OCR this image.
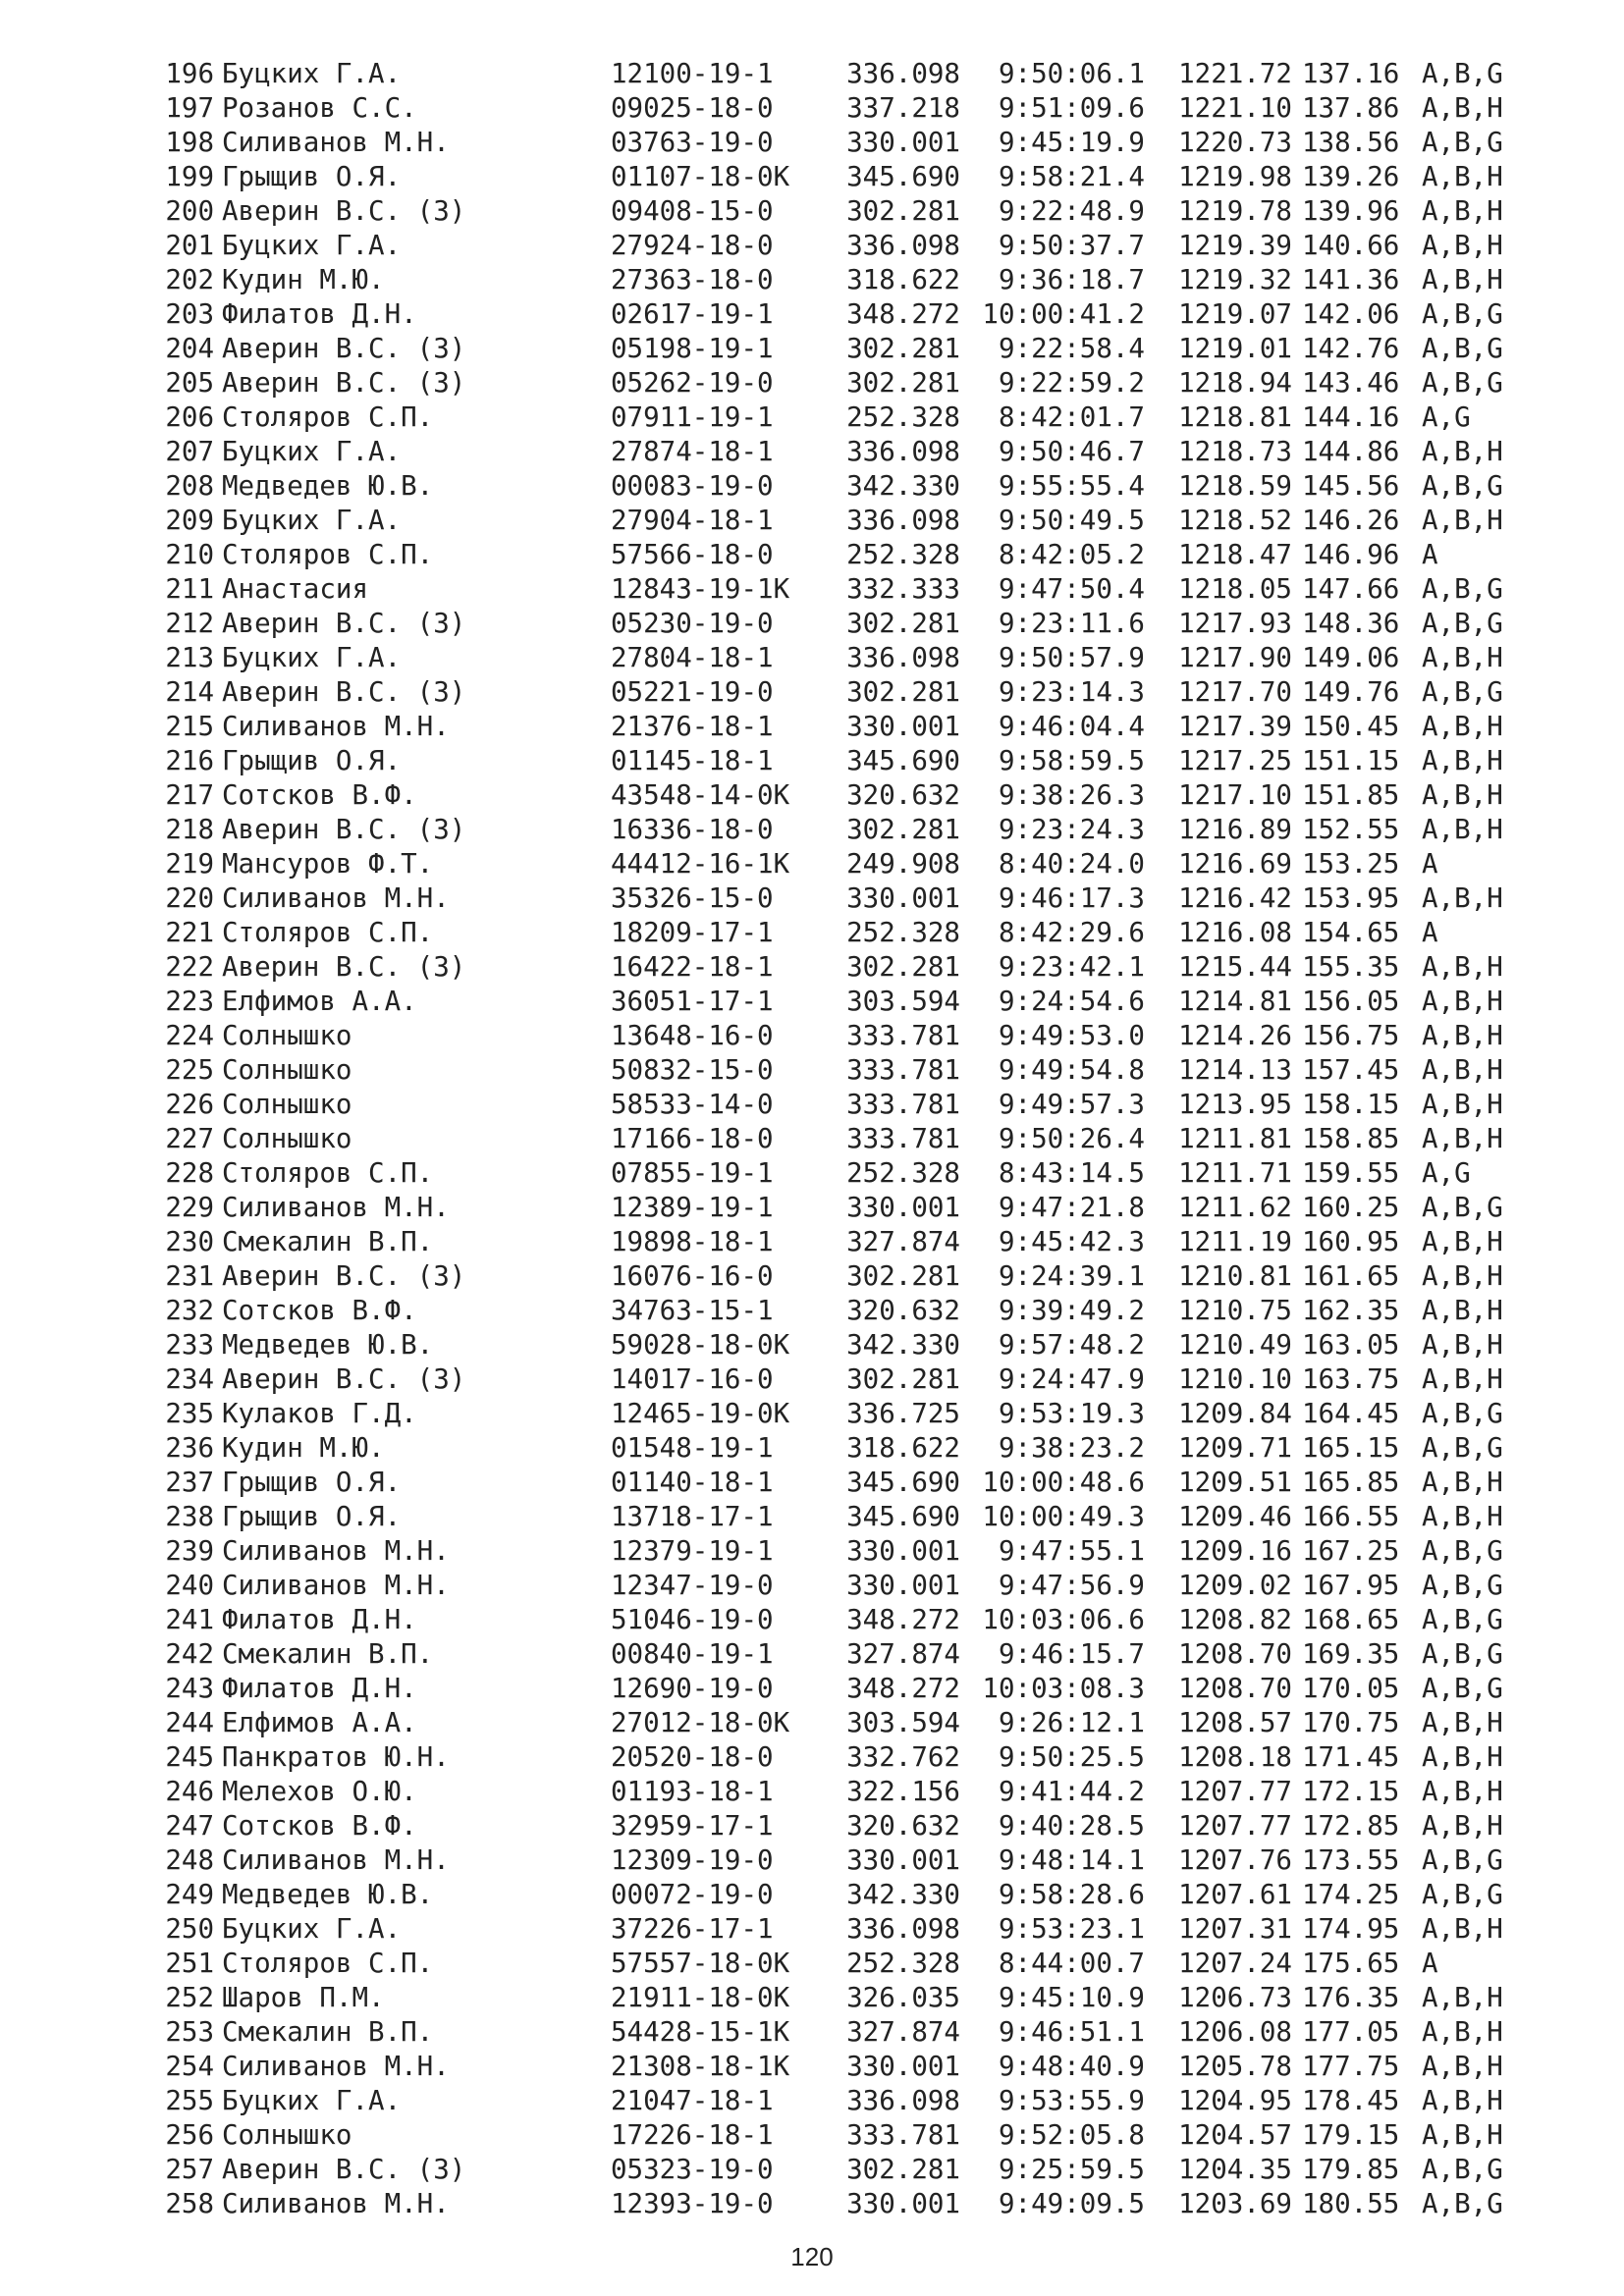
196 Буцких Г.А.	12100-19-1	336.098	9:50:06.1	1221.72 137.16 A,B,G
197 Розанов С.С.	09025-18-0	337.218	9:51:09.6	1221.10 137.86 A,B,H
198 Силиванов М.Н.	03763-19-0	330.001	9:45:19.9	1220.73 138.56 A,B,G
199 Грыщив О.Я.	01107-18-0K	345.690	9:58:21.4	1219.98 139.26 A,B,H
200 Аверин В.С. (З)	09408-15-0	302.281	9:22:48.9	1219.78 139.96 A,B,H
201 Буцких Г.А.	27924-18-0	336.098	9:50:37.7	1219.39 140.66 A,B,H
202 Кудин М.Ю.	27363-18-0	318.622	9:36:18.7	1219.32 141.36 A,B,H
203 Филатов Д.Н.	02617-19-1	348.272 10:00:41.2	1219.07 142.06 A,B,G
204 Аверин В.С. (З)	05198-19-1	302.281	9:22:58.4	1219.01 142.76 A,B,G
205 Аверин В.С. (З)	05262-19-0	302.281	9:22:59.2	1218.94 143.46 A,B,G
206 Столяров С.П.	07911-19-1	252.328	8:42:01.7	1218.81 144.16 A,G
207 Буцких Г.А.	27874-18-1	336.098	9:50:46.7	1218.73 144.86 A,B,H
208 Медведев Ю.В.	00083-19-0	342.330	9:55:55.4	1218.59 145.56 A,B,G
209 Буцких Г.А.	27904-18-1	336.098	9:50:49.5	1218.52 146.26 A,B,H
210 Столяров С.П.	57566-18-0	252.328	8:42:05.2	1218.47 146.96 A
211 Анастасия	12843-19-1K	332.333	9:47:50.4	1218.05 147.66 A,B,G
212 Аверин В.С. (З)	05230-19-0	302.281	9:23:11.6	1217.93 148.36 A,B,G
213 Буцких Г.А.	27804-18-1	336.098	9:50:57.9	1217.90 149.06 A,B,H
214 Аверин В.С. (З)	05221-19-0	302.281	9:23:14.3	1217.70 149.76 A,B,G
215 Силиванов М.Н.	21376-18-1	330.001	9:46:04.4	1217.39 150.45 A,B,H
216 Грыщив О.Я.	01145-18-1	345.690	9:58:59.5	1217.25 151.15 A,B,H
217 Сотсков В.Ф.	43548-14-0K	320.632	9:38:26.3	1217.10 151.85 A,B,H
218 Аверин В.С. (З)	16336-18-0	302.281	9:23:24.3	1216.89 152.55 A,B,H
219 Мансуров Ф.Т.	44412-16-1K	249.908	8:40:24.0	1216.69 153.25 A
220 Силиванов М.Н.	35326-15-0	330.001	9:46:17.3	1216.42 153.95 A,B,H
221 Столяров С.П.	18209-17-1	252.328	8:42:29.6	1216.08 154.65 A
222 Аверин В.С. (З)	16422-18-1	302.281	9:23:42.1	1215.44 155.35 A,B,H
223 Елфимов А.А.	36051-17-1	303.594	9:24:54.6	1214.81 156.05 A,B,H
224 Солнышко	13648-16-0	333.781	9:49:53.0	1214.26 156.75 A,B,H
225 Солнышко	50832-15-0	333.781	9:49:54.8	1214.13 157.45 A,B,H
226 Солнышко	58533-14-0	333.781	9:49:57.3	1213.95 158.15 A,B,H
227 Солнышко	17166-18-0	333.781	9:50:26.4	1211.81 158.85 A,B,H
228 Столяров С.П.	07855-19-1	252.328	8:43:14.5	1211.71 159.55 A,G
229 Силиванов М.Н.	12389-19-1	330.001	9:47:21.8	1211.62 160.25 A,B,G
230 Смекалин В.П.	19898-18-1	327.874	9:45:42.3	1211.19 160.95 A,B,H
231 Аверин В.С. (З)	16076-16-0	302.281	9:24:39.1	1210.81 161.65 A,B,H
232 Сотсков В.Ф.	34763-15-1	320.632	9:39:49.2	1210.75 162.35 A,B,H
233 Медведев Ю.В.	59028-18-0K	342.330	9:57:48.2	1210.49 163.05 A,B,H
234 Аверин В.С. (З)	14017-16-0	302.281	9:24:47.9	1210.10 163.75 A,B,H
235 Кулаков Г.Д.	12465-19-0K	336.725	9:53:19.3	1209.84 164.45 A,B,G
236 Кудин М.Ю.	01548-19-1	318.622	9:38:23.2	1209.71 165.15 A,B,G
237 Грыщив О.Я.	01140-18-1	345.690 10:00:48.6	1209.51 165.85 A,B,H
238 Грыщив О.Я.	13718-17-1	345.690 10:00:49.3	1209.46 166.55 A,B,H
239 Силиванов М.Н.	12379-19-1	330.001	9:47:55.1	1209.16 167.25 A,B,G
240 Силиванов М.Н.	12347-19-0	330.001	9:47:56.9	1209.02 167.95 A,B,G
241 Филатов Д.Н.	51046-19-0	348.272 10:03:06.6	1208.82 168.65 A,B,G
242 Смекалин В.П.	00840-19-1	327.874	9:46:15.7	1208.70 169.35 A,B,G
243 Филатов Д.Н.	12690-19-0	348.272 10:03:08.3	1208.70 170.05 A,B,G
244 Елфимов А.А.	27012-18-0K	303.594	9:26:12.1	1208.57 170.75 A,B,H
245 Панкратов Ю.Н.	20520-18-0	332.762	9:50:25.5	1208.18 171.45 A,B,H
246 Мелехов О.Ю.	01193-18-1	322.156	9:41:44.2	1207.77 172.15 A,B,H
247 Сотсков В.Ф.	32959-17-1	320.632	9:40:28.5	1207.77 172.85 A,B,H
248 Силиванов М.Н.	12309-19-0	330.001	9:48:14.1	1207.76 173.55 A,B,G
249 Медведев Ю.В.	00072-19-0	342.330	9:58:28.6	1207.61 174.25 A,B,G
250 Буцких Г.А.	37226-17-1	336.098	9:53:23.1	1207.31 174.95 A,B,H
251 Столяров С.П.	57557-18-0K	252.328	8:44:00.7	1207.24 175.65 A
252 Шаров П.М.	21911-18-0K	326.035	9:45:10.9	1206.73 176.35 A,B,H
253 Смекалин В.П.	54428-15-1K	327.874	9:46:51.1	1206.08 177.05 A,B,H
254 Силиванов М.Н.	21308-18-1K	330.001	9:48:40.9	1205.78 177.75 A,B,H
255 Буцких Г.А.	21047-18-1	336.098	9:53:55.9	1204.95 178.45 A,B,H
256 Солнышко	17226-18-1	333.781	9:52:05.8	1204.57 179.15 A,B,H
257 Аверин В.С. (З)	05323-19-0	302.281	9:25:59.5	1204.35 179.85 A,B,G
258 Силиванов М.Н.	12393-19-0	330.001	9:49:09.5	1203.69 180.55 A,B,G
120
